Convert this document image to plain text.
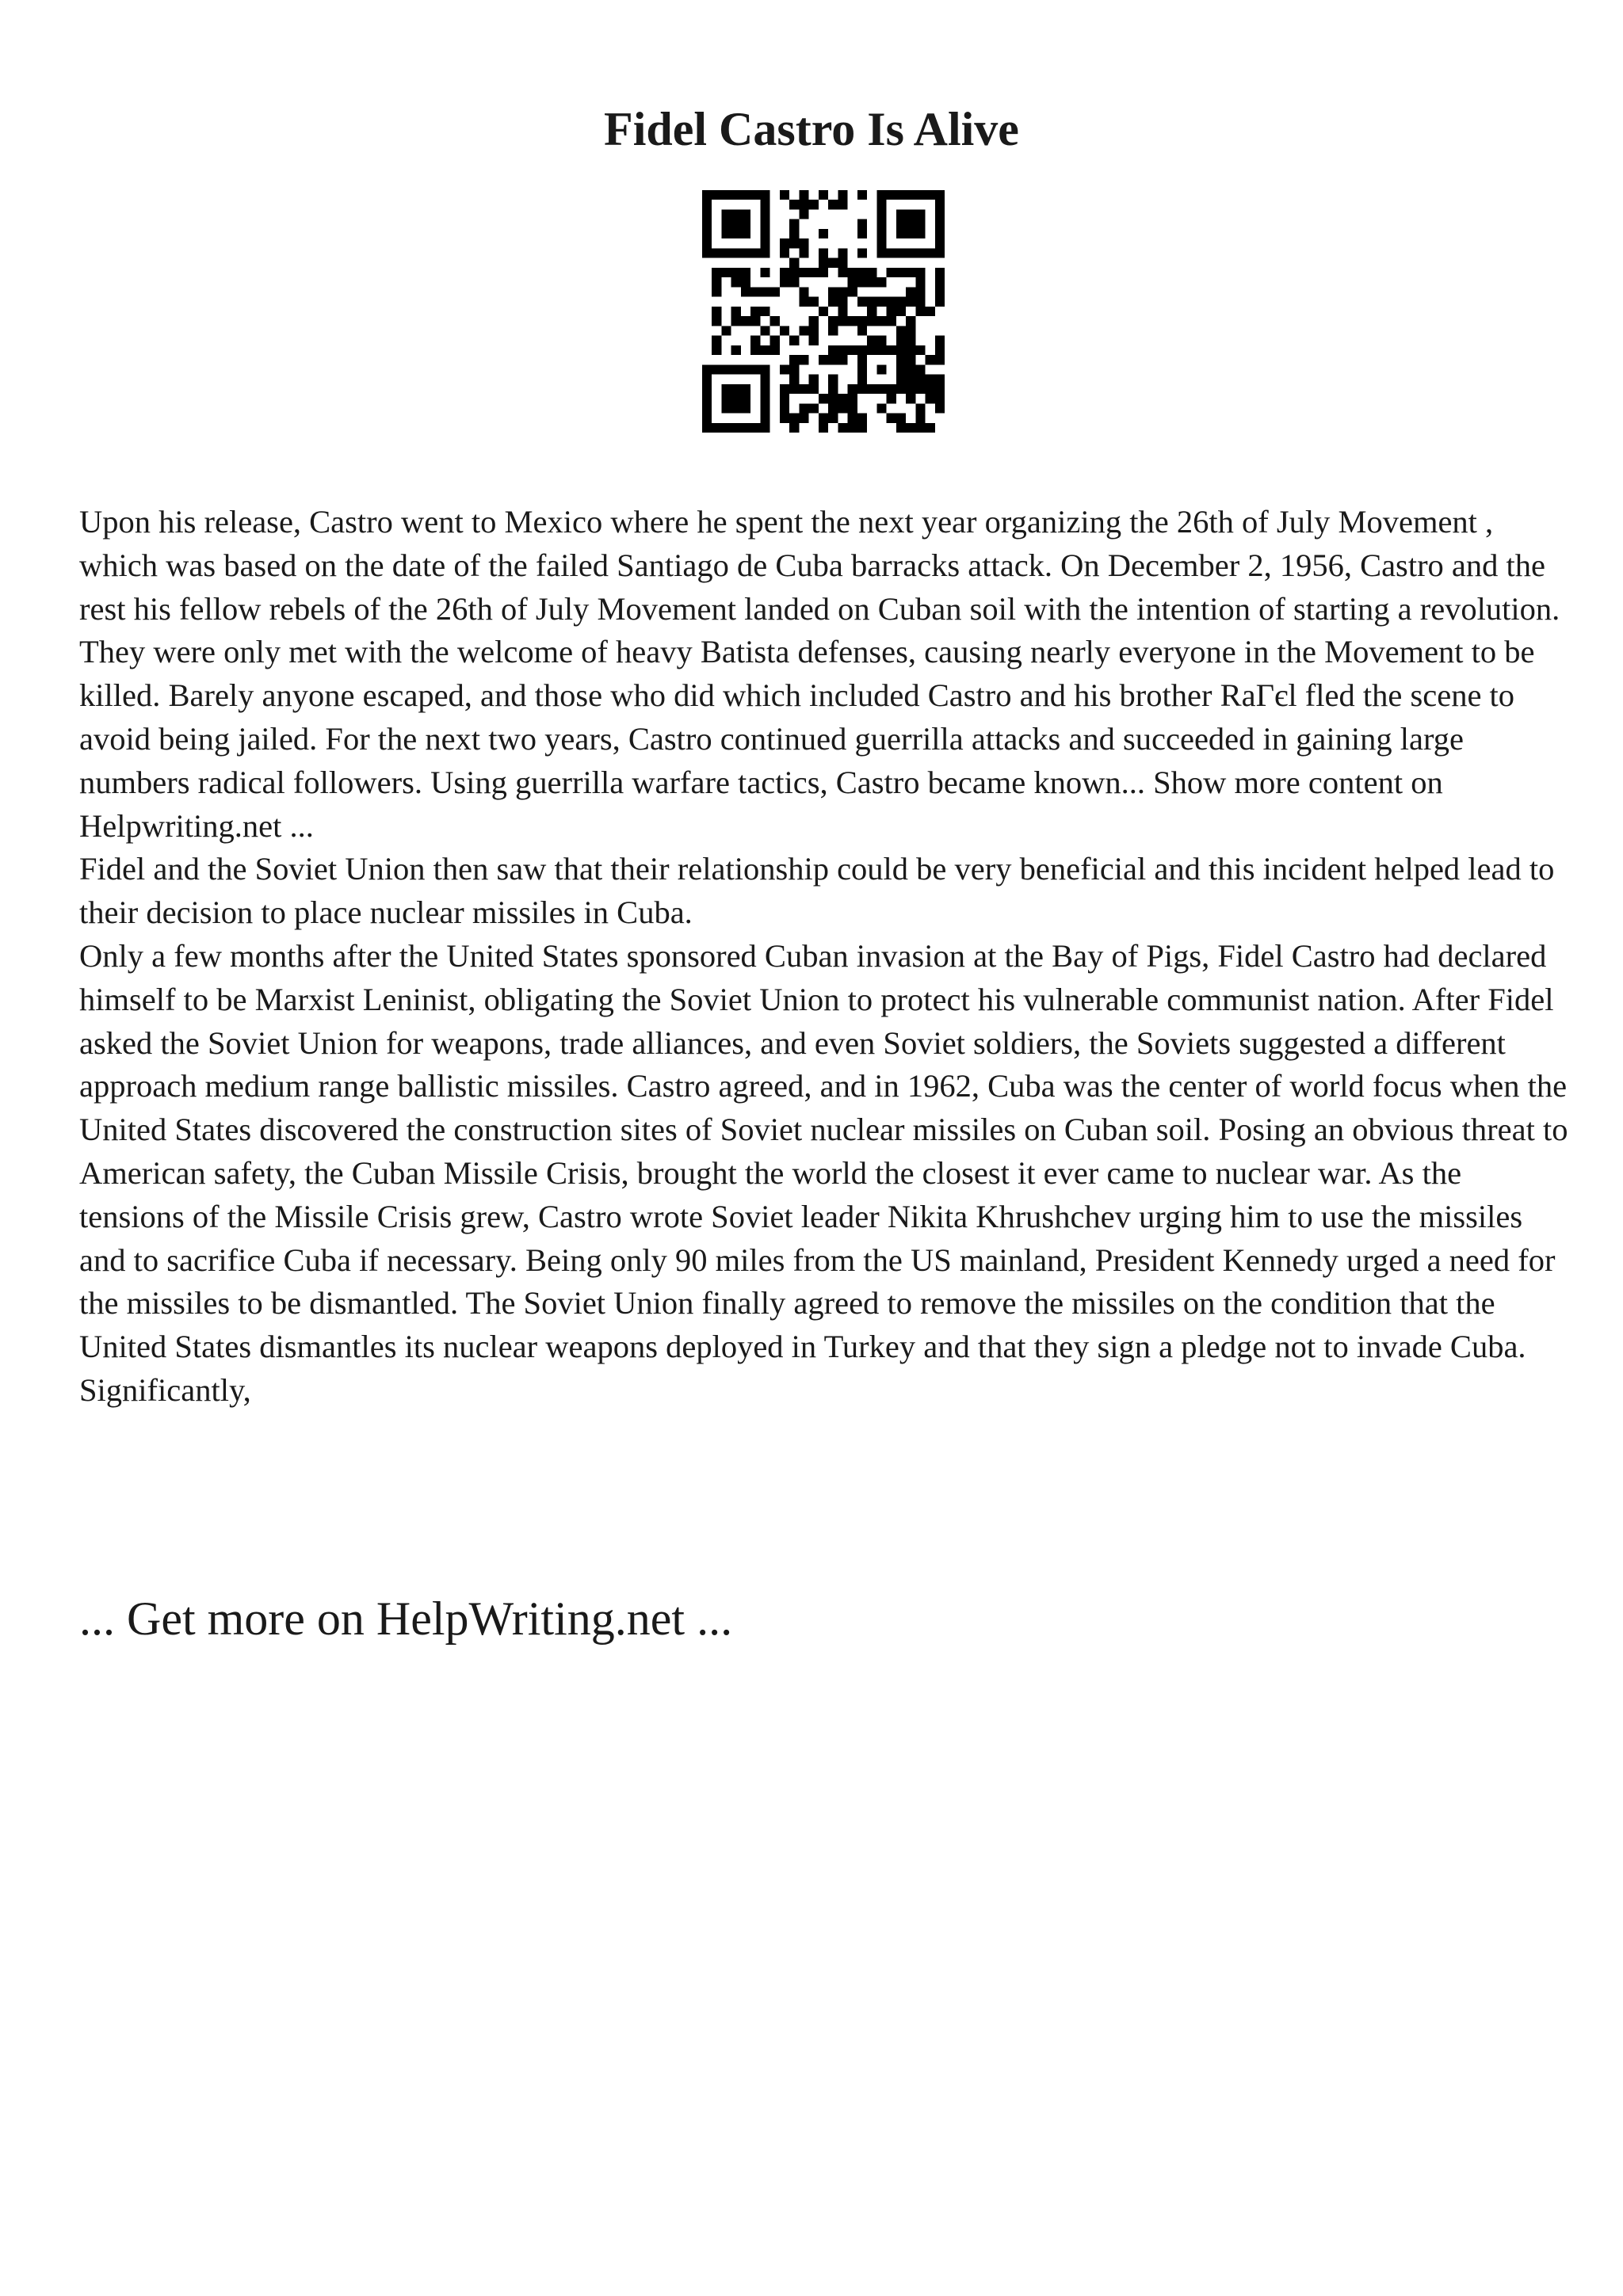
Fidel Castro Is Alive

Upon his release, Castro went to Mexico where he spent the next year organizing the 26th of July Movement , which was based on the date of the failed Santiago de Cuba barracks attack. On December 2, 1956, Castro and the rest his fellow rebels of the 26th of July Movement landed on Cuban soil with the intention of starting a revolution. They were only met with the welcome of heavy Batista defenses, causing nearly everyone in the Movement to be killed. Barely anyone escaped, and those who did which included Castro and his brother RaΓєl fled the scene to avoid being jailed. For the next two years, Castro continued guerrilla attacks and succeeded in gaining large numbers radical followers. Using guerrilla warfare tactics, Castro became known... Show more content on Helpwriting.net ...

Fidel and the Soviet Union then saw that their relationship could be very beneficial and this incident helped lead to their decision to place nuclear missiles in Cuba.

Only a few months after the United States sponsored Cuban invasion at the Bay of Pigs, Fidel Castro had declared himself to be Marxist Leninist, obligating the Soviet Union to protect his vulnerable communist nation. After Fidel asked the Soviet Union for weapons, trade alliances, and even Soviet soldiers, the Soviets suggested a different approach medium range ballistic missiles. Castro agreed, and in 1962, Cuba was the center of world focus when the United States discovered the construction sites of Soviet nuclear missiles on Cuban soil. Posing an obvious threat to American safety, the Cuban Missile Crisis, brought the world the closest it ever came to nuclear war. As the tensions of the Missile Crisis grew, Castro wrote Soviet leader Nikita Khrushchev urging him to use the missiles and to sacrifice Cuba if necessary. Being only 90 miles from the US mainland, President Kennedy urged a need for the missiles to be dismantled. The Soviet Union finally agreed to remove the missiles on the condition that the United States dismantles its nuclear weapons deployed in Turkey and that they sign a pledge not to invade Cuba. Significantly,

... Get more on HelpWriting.net ...
